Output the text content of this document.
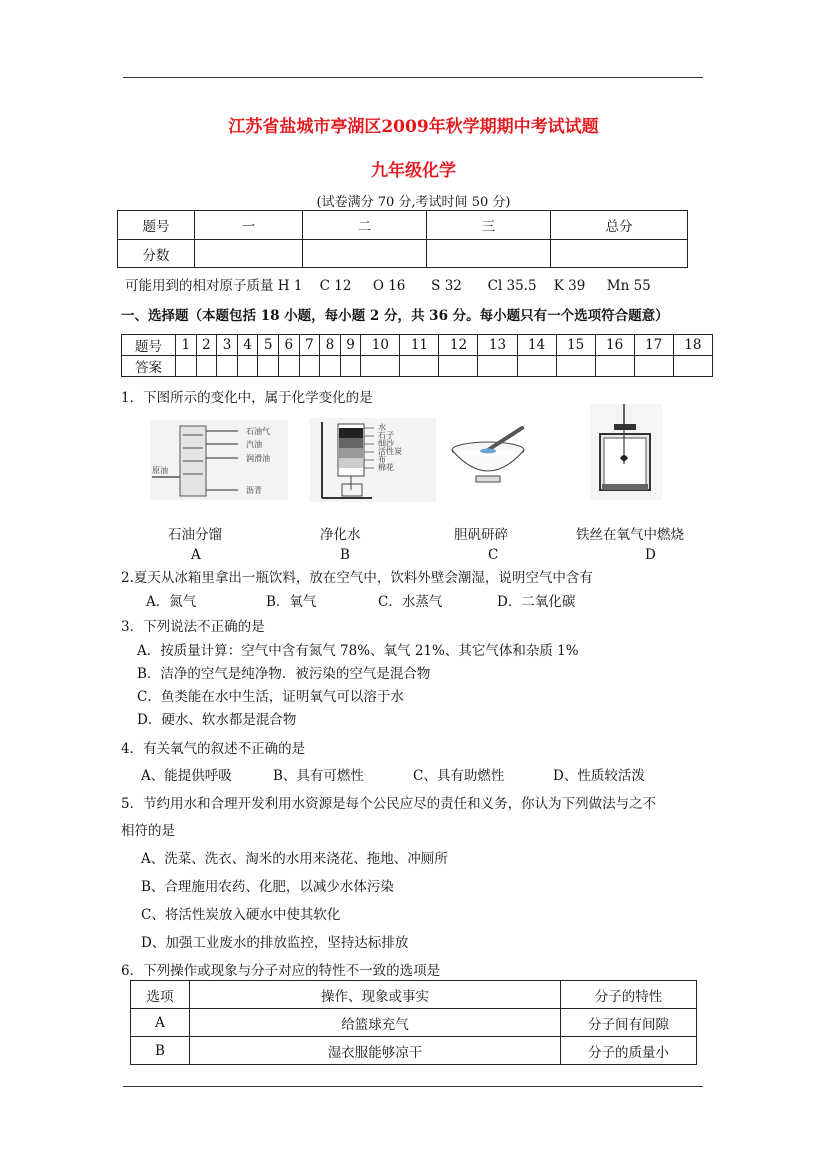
江苏省盐城市亭湖区2009年秋学期期中考试试题
九年级化学
(试卷满分 70 分,考试时间 50 分)
题号	一	二	三	总分
分数				
可能用到的相对原子质量 H 1    C 12     O 16      S 32      Cl 35.5    K 39     Mn 55
一、选择题（本题包括 18 小题，每小题 2 分，共 36 分。每小题只有一个选项符合题意）
题号	1	2	3	4	5	6	7	8	9	10	11	12	13	14	15	16	17	18
答案																		
1．下图所示的变化中，属于化学变化的是
石油气
汽油
润滑油
沥青
原油
水
石子
细沙
活性炭
布
棉花
石油分馏	净化水	胆矾研碎	铁丝在氧气中燃烧
A	B	C	D
2.夏天从冰箱里拿出一瓶饮料，放在空气中，饮料外壁会潮湿，说明空气中含有
A．氮气	B．氧气	C．水蒸气	D．二氧化碳
3．下列说法不正确的是
A．按质量计算：空气中含有氮气 78%、氧气 21%、其它气体和杂质 1%
B．洁净的空气是纯净物．被污染的空气是混合物
C．鱼类能在水中生活，证明氧气可以溶于水
D．硬水、软水都是混合物
4．有关氧气的叙述不正确的是
A、能提供呼吸	B、具有可燃性	C、具有助燃性	D、性质较活泼
5．节约用水和合理开发利用水资源是每个公民应尽的责任和义务，你认为下列做法与之不
相符的是
A、洗菜、洗衣、淘米的水用来浇花、拖地、冲厕所
B、合理施用农药、化肥，以减少水体污染
C、将活性炭放入硬水中使其软化
D、加强工业废水的排放监控，坚持达标排放
6．下列操作或现象与分子对应的特性不一致的选项是
选项	操作、现象或事实	分子的特性
A	给篮球充气	分子间有间隙
B	湿衣服能够凉干	分子的质量小
